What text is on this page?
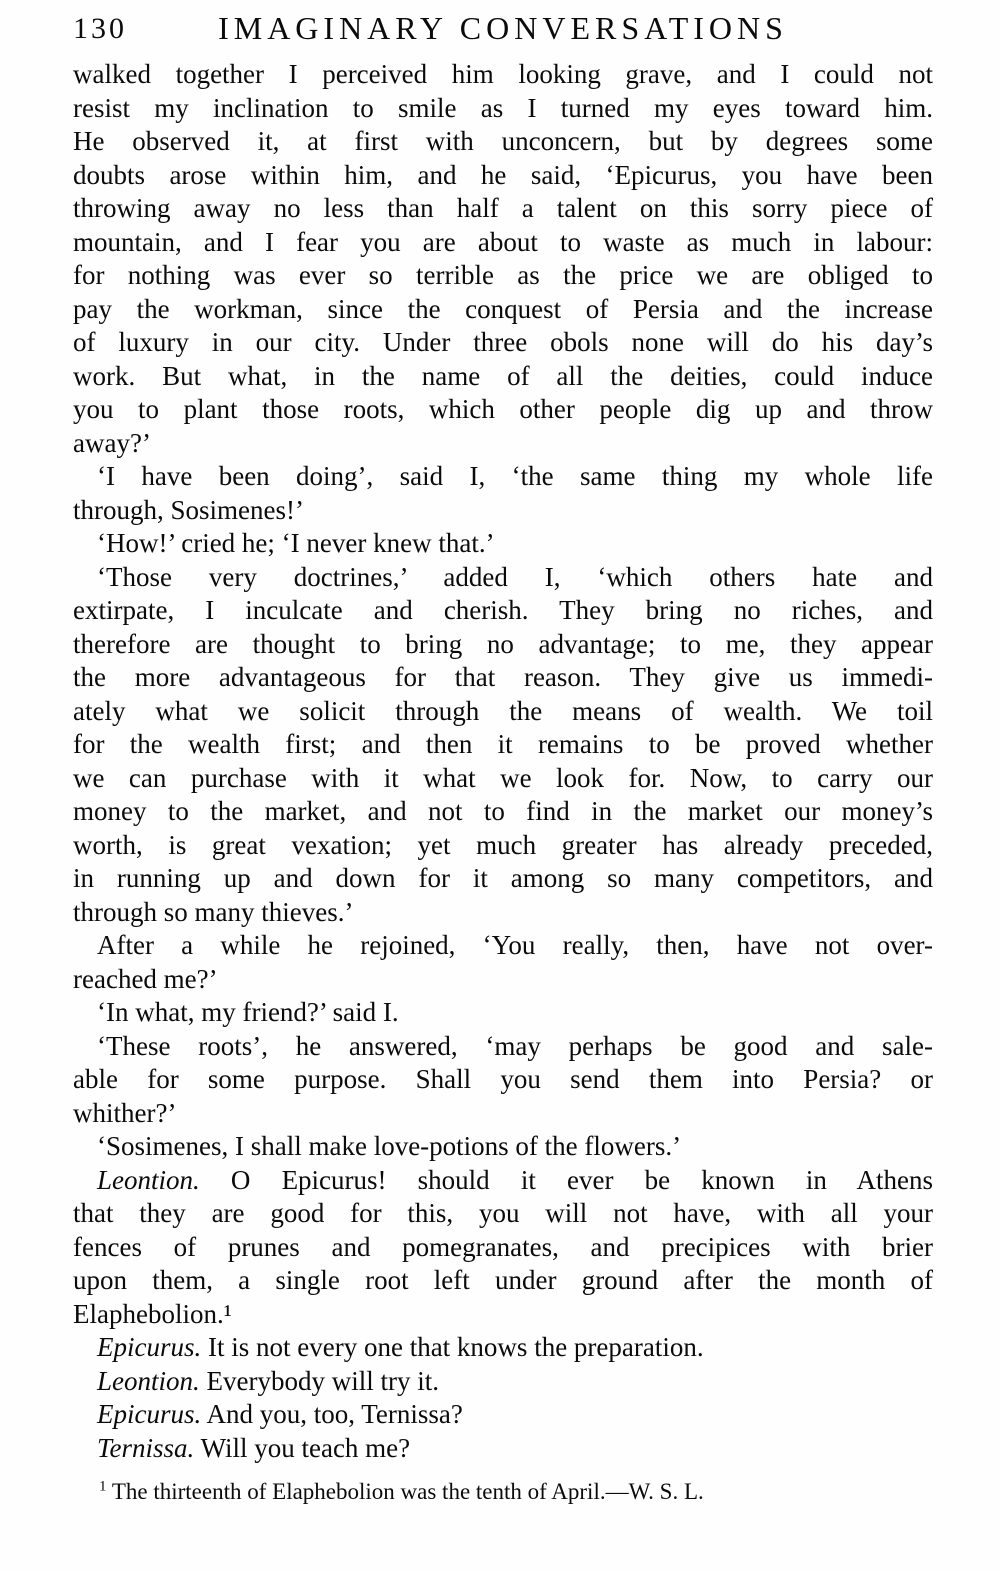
130	IMAGINARY CONVERSATIONS
walked together I perceived him looking grave, and I could not
resist my inclination to smile as I turned my eyes toward him.
He observed it, at first with unconcern, but by degrees some
doubts arose within him, and he said, ‘Epicurus, you have been
throwing away no less than half a talent on this sorry piece of
mountain, and I fear you are about to waste as much in labour:
for nothing was ever so terrible as the price we are obliged to
pay the workman, since the conquest of Persia and the increase
of luxury in our city. Under three obols none will do his day’s
work. But what, in the name of all the deities, could induce
you to plant those roots, which other people dig up and throw
away?’
‘I have been doing’, said I, ‘the same thing my whole life
through, Sosimenes!’
‘How!’ cried he; ‘I never knew that.’
‘Those very doctrines,’ added I, ‘which others hate and
extirpate, I inculcate and cherish. They bring no riches, and
therefore are thought to bring no advantage; to me, they appear
the more advantageous for that reason. They give us immedi-
ately what we solicit through the means of wealth. We toil
for the wealth first; and then it remains to be proved whether
we can purchase with it what we look for. Now, to carry our
money to the market, and not to find in the market our money’s
worth, is great vexation; yet much greater has already preceded,
in running up and down for it among so many competitors, and
through so many thieves.’
After a while he rejoined, ‘You really, then, have not over-
reached me?’
‘In what, my friend?’ said I.
‘These roots’, he answered, ‘may perhaps be good and sale-
able for some purpose. Shall you send them into Persia? or
whither?’
‘Sosimenes, I shall make love-potions of the flowers.’
Leontion. O Epicurus! should it ever be known in Athens
that they are good for this, you will not have, with all your
fences of prunes and pomegranates, and precipices with brier
upon them, a single root left under ground after the month of
Elaphebolion.¹
Epicurus. It is not every one that knows the preparation.
Leontion. Everybody will try it.
Epicurus. And you, too, Ternissa?
Ternissa. Will you teach me?
$^1$ The thirteenth of Elaphebolion was the tenth of April.—W. S. L.
